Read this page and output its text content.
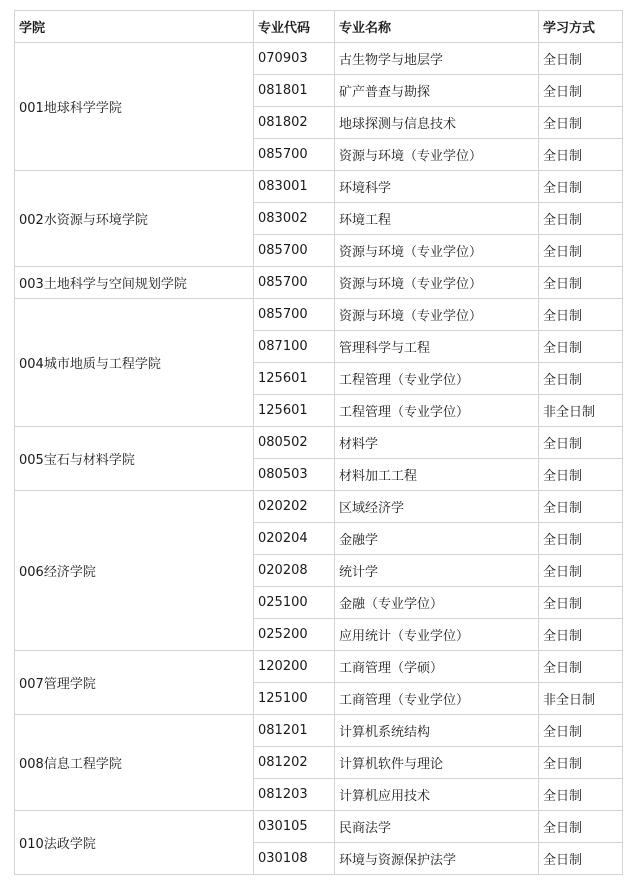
学院	专业代码	专业名称	学习方式
001地球科学学院	070903	古生物学与地层学	全日制
	081801	矿产普查与勘探	全日制
	081802	地球探测与信息技术	全日制
	085700	资源与环境（专业学位）	全日制
002水资源与环境学院	083001	环境科学	全日制
	083002	环境工程	全日制
	085700	资源与环境（专业学位）	全日制
003土地科学与空间规划学院	085700	资源与环境（专业学位）	全日制
004城市地质与工程学院	085700	资源与环境（专业学位）	全日制
	087100	管理科学与工程	全日制
	125601	工程管理（专业学位）	全日制
	125601	工程管理（专业学位）	非全日制
005宝石与材料学院	080502	材料学	全日制
	080503	材料加工工程	全日制
006经济学院	020202	区域经济学	全日制
	020204	金融学	全日制
	020208	统计学	全日制
	025100	金融（专业学位）	全日制
	025200	应用统计（专业学位）	全日制
007管理学院	120200	工商管理（学硕）	全日制
	125100	工商管理（专业学位）	非全日制
008信息工程学院	081201	计算机系统结构	全日制
	081202	计算机软件与理论	全日制
	081203	计算机应用技术	全日制
010法政学院	030105	民商法学	全日制
	030108	环境与资源保护法学	全日制
